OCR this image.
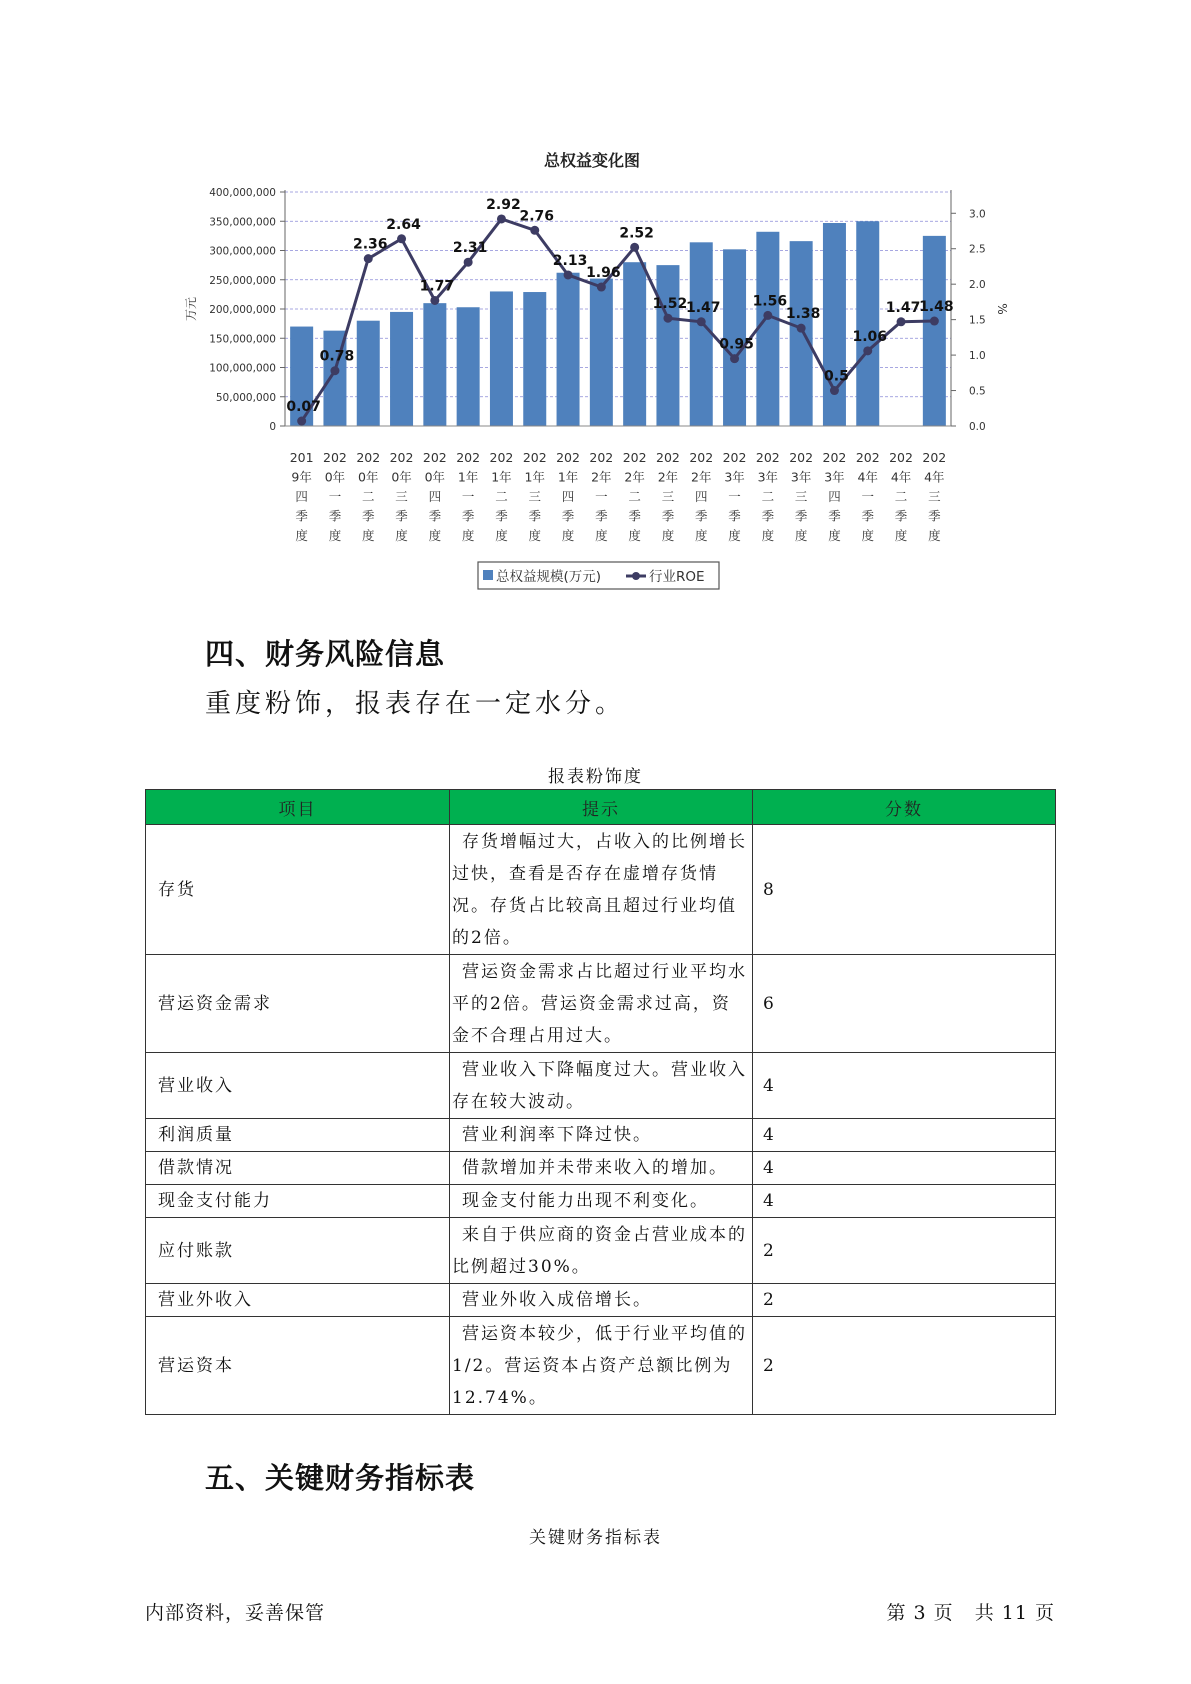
总权益变化图
0
50,000,000
100,000,000
150,000,000
200,000,000
250,000,000
300,000,000
350,000,000
400,000,000
0.0
0.5
1.0
1.5
2.0
2.5
3.0
万元	%
0.07
0.78
2.36
2.64
1.77
2.31
2.92
2.76
2.13
1.96
2.52
1.52
1.47
0.95
1.56
1.38
0.5
1.06
1.47
1.48
201
9年
四
季
度
202
0年
一
季
度
202
0年
二
季
度
202
0年
三
季
度
202
0年
四
季
度
202
1年
一
季
度
202
1年
二
季
度
202
1年
三
季
度
202
1年
四
季
度
202
2年
一
季
度
202
2年
二
季
度
202
2年
三
季
度
202
2年
四
季
度
202
3年
一
季
度
202
3年
二
季
度
202
3年
三
季
度
202
3年
四
季
度
202
4年
一
季
度
202
4年
二
季
度
202
4年
三
季
度
总权益规模(万元)	行业ROE
四、财务风险信息
重度粉饰，报表存在一定水分。
报表粉饰度
项目	提示	分数
存货	存货增幅过大，占收入的比例增长过快，查看是否存在虚增存货情况。存货占比较高且超过行业均值的2倍。	8
营运资金需求	营运资金需求占比超过行业平均水平的2倍。营运资金需求过高，资金不合理占用过大。	6
营业收入	营业收入下降幅度过大。营业收入存在较大波动。	4
利润质量	营业利润率下降过快。	4
借款情况	借款增加并未带来收入的增加。	4
现金支付能力	现金支付能力出现不利变化。	4
应付账款	来自于供应商的资金占营业成本的比例超过30%。	2
营业外收入	营业外收入成倍增长。	2
营运资本	营运资本较少，低于行业平均值的1/2。营运资本占资产总额比例为12.74%。	2
五、关键财务指标表
关键财务指标表
内部资料，妥善保管	第 3 页   共 11 页
